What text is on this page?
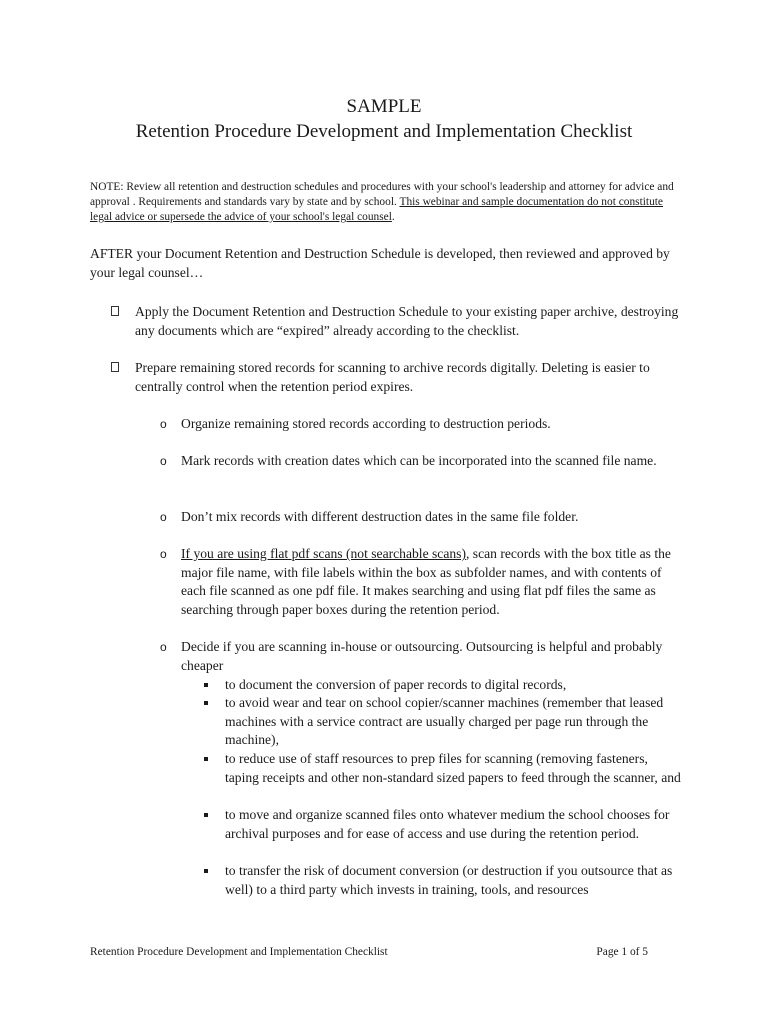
SAMPLE
Retention Procedure Development and Implementation Checklist

NOTE: Review all retention and destruction schedules and procedures with your school's leadership and attorney for advice and approval . Requirements and standards vary by state and by school. This webinar and sample documentation do not constitute legal advice or supersede the advice of your school's legal counsel.

AFTER your Document Retention and Destruction Schedule is developed, then reviewed and approved by your legal counsel…

Apply the Document Retention and Destruction Schedule to your existing paper archive, destroying any documents which are “expired” already according to the checklist.
Prepare remaining stored records for scanning to archive records digitally. Deleting is easier to centrally control when the retention period expires.
o Organize remaining stored records according to destruction periods.
o Mark records with creation dates which can be incorporated into the scanned file name.
o Don’t mix records with different destruction dates in the same file folder.
o If you are using flat pdf scans (not searchable scans), scan records with the box title as the major file name, with file labels within the box as subfolder names, and with contents of each file scanned as one pdf file. It makes searching and using flat pdf files the same as searching through paper boxes during the retention period.
o Decide if you are scanning in-house or outsourcing. Outsourcing is helpful and probably cheaper
to document the conversion of paper records to digital records,
to avoid wear and tear on school copier/scanner machines (remember that leased machines with a service contract are usually charged per page run through the machine),
to reduce use of staff resources to prep files for scanning (removing fasteners, taping receipts and other non-standard sized papers to feed through the scanner, and
to move and organize scanned files onto whatever medium the school chooses for archival purposes and for ease of access and use during the retention period.
to transfer the risk of document conversion (or destruction if you outsource that as well) to a third party which invests in training, tools, and resources

Retention Procedure Development and Implementation Checklist	Page 1 of 5
